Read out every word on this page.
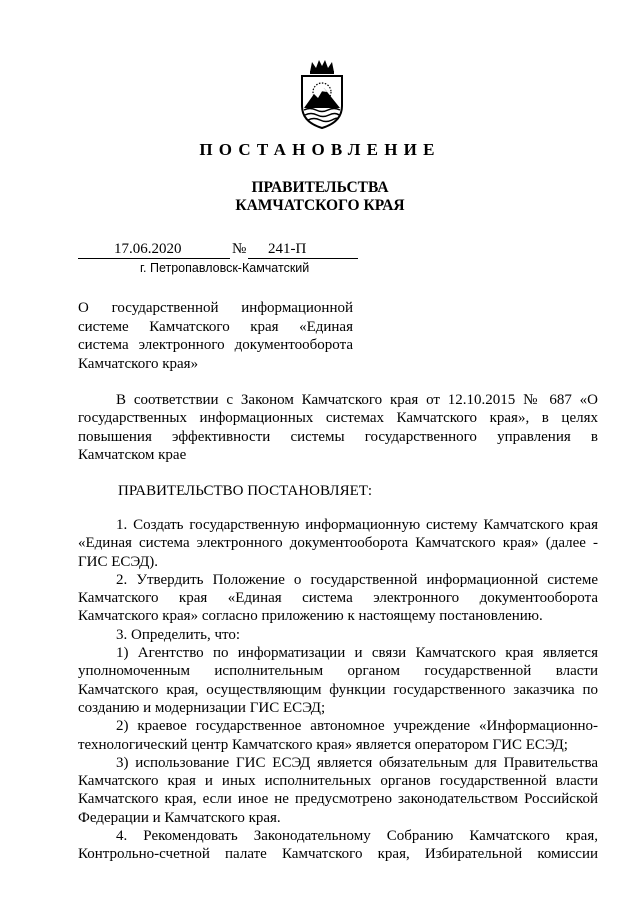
ПОСТАНОВЛЕНИЕ
ПРАВИТЕЛЬСТВА
КАМЧАТСКОГО КРАЯ
17.06.2020	№ 241-П
г. Петропавловск-Камчатский
О государственной информационной
системе Камчатского края «Единая
система электронного документооборота
Камчатского края»
В соответствии с Законом Камчатского края от 12.10.2015 № 687 «О
государственных информационных системах Камчатского края», в целях
повышения эффективности системы государственного управления в
Камчатском крае
ПРАВИТЕЛЬСТВО ПОСТАНОВЛЯЕТ:
1. Создать государственную информационную систему Камчатского края
«Единая система электронного документооборота Камчатского края» (далее -
ГИС ЕСЭД).
2. Утвердить Положение о государственной информационной системе
Камчатского края «Единая система электронного документооборота
Камчатского края» согласно приложению к настоящему постановлению.
3. Определить, что:
1) Агентство по информатизации и связи Камчатского края является
уполномоченным исполнительным органом государственной власти
Камчатского края, осуществляющим функции государственного заказчика по
созданию и модернизации ГИС ЕСЭД;
2) краевое государственное автономное учреждение «Информационно-
технологический центр Камчатского края» является оператором ГИС ЕСЭД;
3) использование ГИС ЕСЭД является обязательным для Правительства
Камчатского края и иных исполнительных органов государственной власти
Камчатского края, если иное не предусмотрено законодательством Российской
Федерации и Камчатского края.
4. Рекомендовать Законодательному Собранию Камчатского края,
Контрольно-счетной палате Камчатского края, Избирательной комиссии
